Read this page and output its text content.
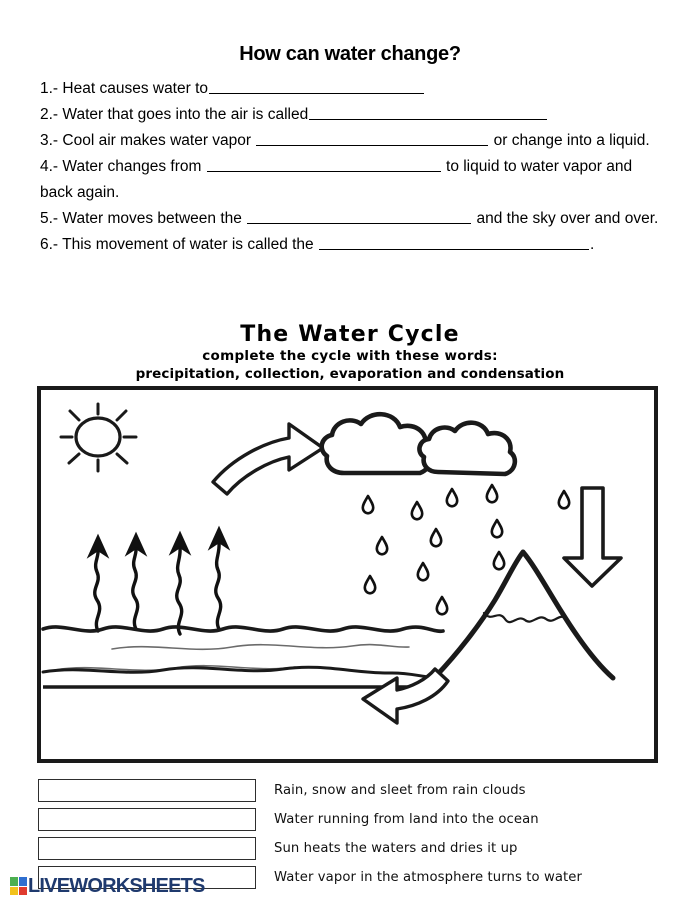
How can water change?
1.- Heat causes water to
2.- Water that goes into the air is called
3.- Cool air makes water vapor	or change into a liquid.
4.- Water changes from	to liquid to water vapor and back again.
5.- Water moves between the	and the sky over and over.
6.- This movement of water is called the	.
The Water Cycle
complete the cycle with these words:
precipitation, collection, evaporation and condensation
Rain, snow and sleet from rain clouds
Water running from land into the ocean
Sun heats the waters and dries it up
Water vapor in the atmosphere turns to water
LIVEWORKSHEETS
